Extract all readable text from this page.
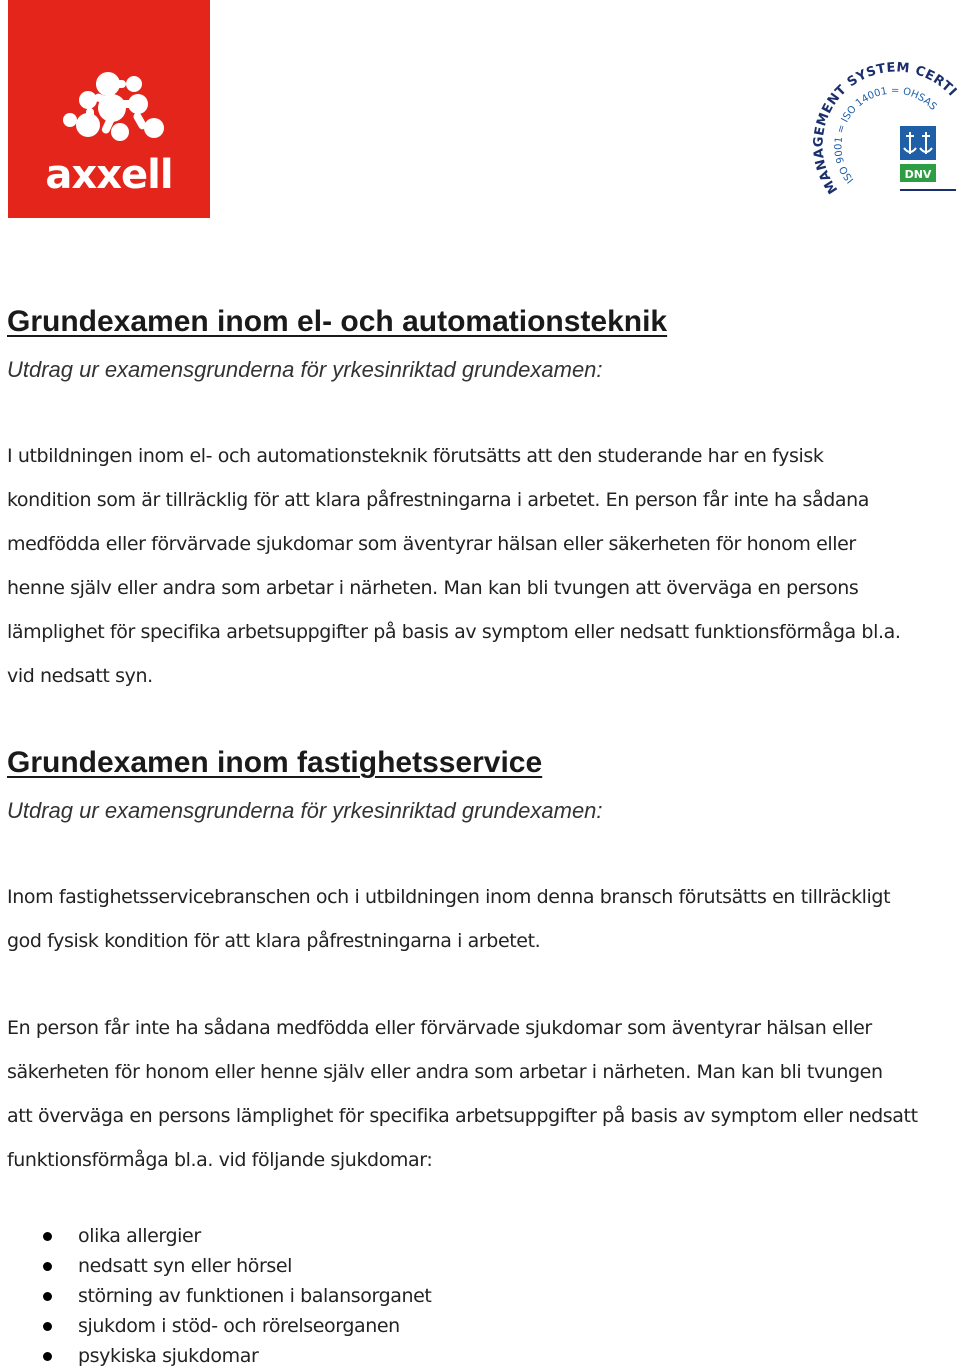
axxell	MANAGEMENT SYSTEM CERTI
ISO 9001 = ISO 14001 = OHSAS
DNV
Grundexamen inom el- och automationsteknik
Utdrag ur examensgrunderna för yrkesinriktad grundexamen:

I utbildningen inom el- och automationsteknik förutsätts att den studerande har en fysisk
kondition som är tillräcklig för att klara påfrestningarna i arbetet. En person får inte ha sådana
medfödda eller förvärvade sjukdomar som äventyrar hälsan eller säkerheten för honom eller
henne själv eller andra som arbetar i närheten. Man kan bli tvungen att överväga en persons
lämplighet för specifika arbetsuppgifter på basis av symptom eller nedsatt funktionsförmåga bl.a.
vid nedsatt syn.

Grundexamen inom fastighetsservice
Utdrag ur examensgrunderna för yrkesinriktad grundexamen:

Inom fastighetsservicebranschen och i utbildningen inom denna bransch förutsätts en tillräckligt
god fysisk kondition för att klara påfrestningarna i arbetet.

En person får inte ha sådana medfödda eller förvärvade sjukdomar som äventyrar hälsan eller
säkerheten för honom eller henne själv eller andra som arbetar i närheten. Man kan bli tvungen
att överväga en persons lämplighet för specifika arbetsuppgifter på basis av symptom eller nedsatt
funktionsförmåga bl.a. vid följande sjukdomar:

olika allergier
nedsatt syn eller hörsel
störning av funktionen i balansorganet
sjukdom i stöd- och rörelseorganen
psykiska sjukdomar
